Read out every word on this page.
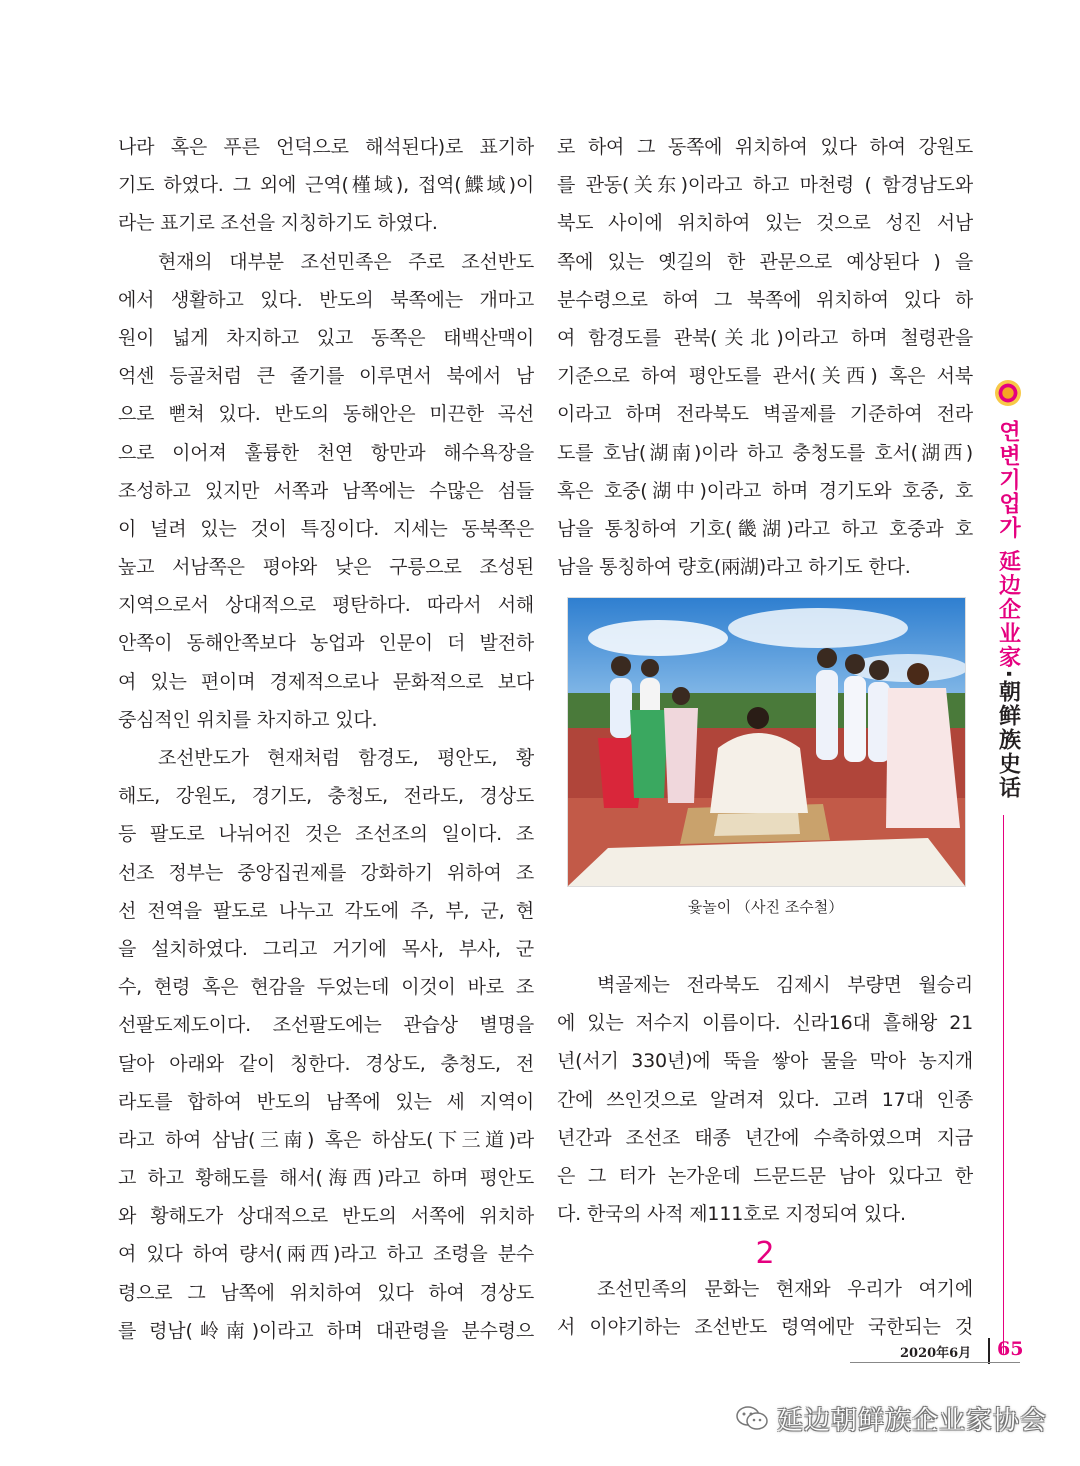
나라 혹은 푸른 언덕으로 해석된다)로 표기하
기도 하였다. 그 외에 근역(槿域), 접역(鰈域)이
라는 표기로 조선을 지칭하기도 하였다.
현재의 대부분 조선민족은 주로 조선반도
에서 생활하고 있다. 반도의 북쪽에는 개마고
원이 넓게 차지하고 있고 동쪽은 태백산맥이
억센 등골처럼 큰 줄기를 이루면서 북에서 남
으로 뻗쳐 있다. 반도의 동해안은 미끈한 곡선
으로 이어져 훌륭한 천연 항만과 해수욕장을
조성하고 있지만 서쪽과 남쪽에는 수많은 섬들
이 널려 있는 것이 특징이다. 지세는 동북쪽은
높고 서남쪽은 평야와 낮은 구릉으로 조성된
지역으로서 상대적으로 평탄하다. 따라서 서해
안쪽이 동해안쪽보다 농업과 인문이 더 발전하
여 있는 편이며 경제적으로나 문화적으로 보다
중심적인 위치를 차지하고 있다.
조선반도가 현재처럼 함경도, 평안도, 황
해도, 강원도, 경기도, 충청도, 전라도, 경상도
등 팔도로 나뉘어진 것은 조선조의 일이다. 조
선조 정부는 중앙집권제를 강화하기 위하여 조
선 전역을 팔도로 나누고 각도에 주, 부, 군, 현
을 설치하였다. 그리고 거기에 목사, 부사, 군
수, 현령 혹은 현감을 두었는데 이것이 바로 조
선팔도제도이다. 조선팔도에는 관습상 별명을
달아 아래와 같이 칭한다. 경상도, 충청도, 전
라도를 합하여 반도의 남쪽에 있는 세 지역이
라고 하여 삼남(三南) 혹은 하삼도(下三道)라
고 하고 황해도를 해서(海西)라고 하며 평안도
와 황해도가 상대적으로 반도의 서쪽에 위치하
여 있다 하여 량서(兩西)라고 하고 조령을 분수
령으로 그 남쪽에 위치하여 있다 하여 경상도
를 령남(岭南)이라고 하며 대관령을 분수령으
로 하여 그 동쪽에 위치하여 있다 하여 강원도
를 관동(关东)이라고 하고 마천령 ( 함경남도와
북도 사이에 위치하여 있는 것으로 성진 서남
쪽에 있는 옛길의 한 관문으로 예상된다 ) 을
분수령으로 하여 그 북쪽에 위치하여 있다 하
여 함경도를 관북(关北)이라고 하며 철령관을
기준으로 하여 평안도를 관서(关西) 혹은 서북
이라고 하며 전라북도 벽골제를 기준하여 전라
도를 호남(湖南)이라 하고 충청도를 호서(湖西)
혹은 호중(湖中)이라고 하며 경기도와 호중, 호
남을 통칭하여 기호(畿湖)라고 하고 호중과 호
남을 통칭하여 량호(兩湖)라고 하기도 한다.
윷놀이 （사진 조수철）
벽골제는 전라북도 김제시 부량면 월승리
에 있는 저수지 이름이다. 신라16대 흘해왕 21
년(서기 330년)에 뚝을 쌓아 물을 막아 농지개
간에 쓰인것으로 알려져 있다. 고려 17대 인종
년간과 조선조 태종 년간에 수축하였으며 지금
은 그 터가 논가운데 드문드문 남아 있다고 한
다. 한국의 사적 제111호로 지정되여 있다.
2
조선민족의 문화는 현재와 우리가 여기에
서 이야기하는 조선반도 령역에만 국한되는 것
연변기업가 延边企业家·朝鲜族史话
2020年6月 65
延边朝鲜族企业家协会
